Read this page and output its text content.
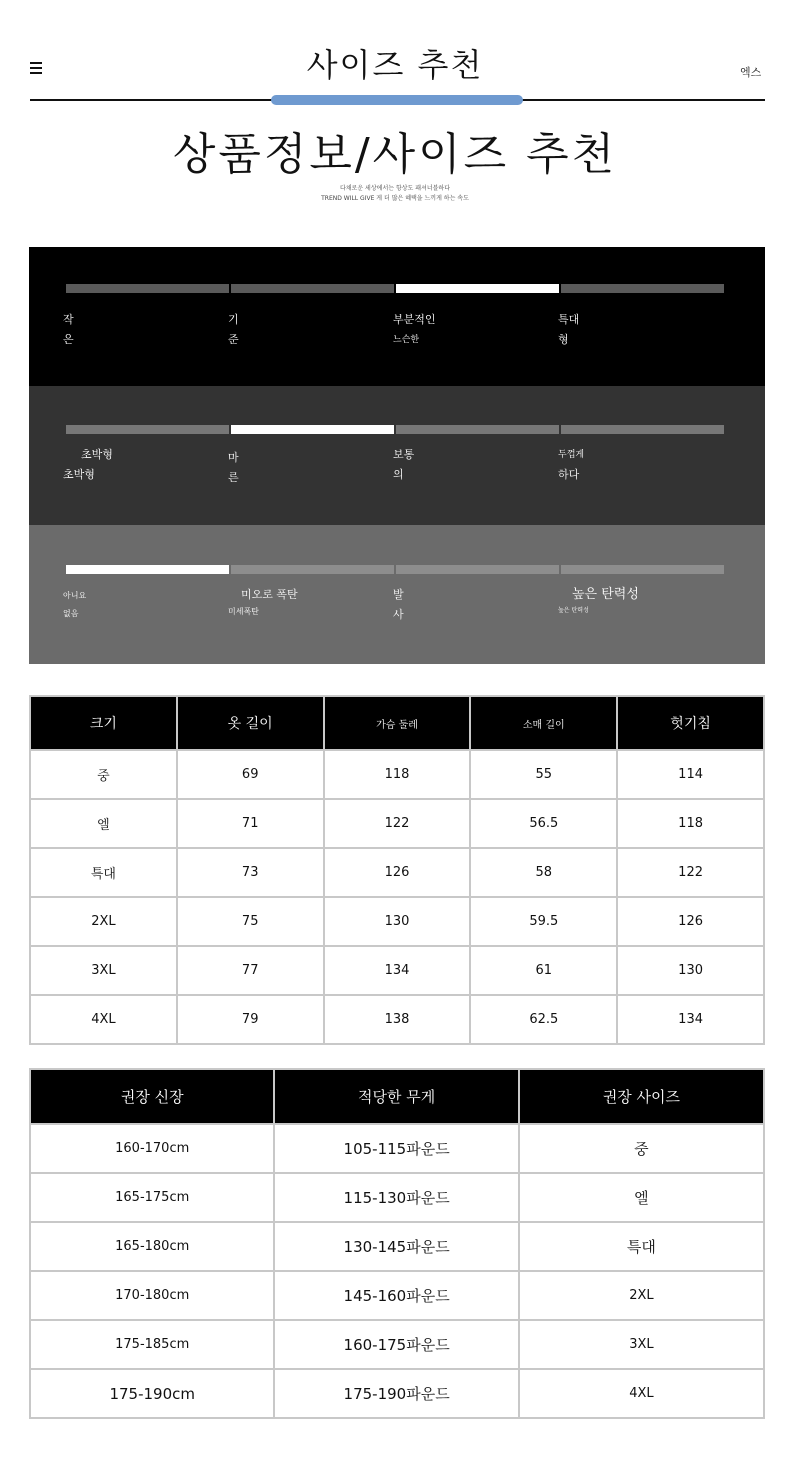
사이즈 추천	엑스
상품정보/사이즈 추천
다채로운 세상에서는 항상도 패셔너블하다
TREND WILL GIVE 게 더 많은 혜택을 느끼게 하는 속도
작
은
기
준
부분적인
느슨한
특대
형
초박형
초박형
마
른
보통
의
두껍게
하다
아니요
없음
미오로 폭탄
미세폭탄
발
사
높은 탄력성
높은 탄력성
크기	옷 길이	가슴 둘레	소매 길이	헛기침
중	69	118	55	114
엘	71	122	56.5	118
특대	73	126	58	122
2XL	75	130	59.5	126
3XL	77	134	61	130
4XL	79	138	62.5	134
권장 신장	적당한 무게	권장 사이즈
160-170cm	105-115파운드	중
165-175cm	115-130파운드	엘
165-180cm	130-145파운드	특대
170-180cm	145-160파운드	2XL
175-185cm	160-175파운드	3XL
175-190cm	175-190파운드	4XL
